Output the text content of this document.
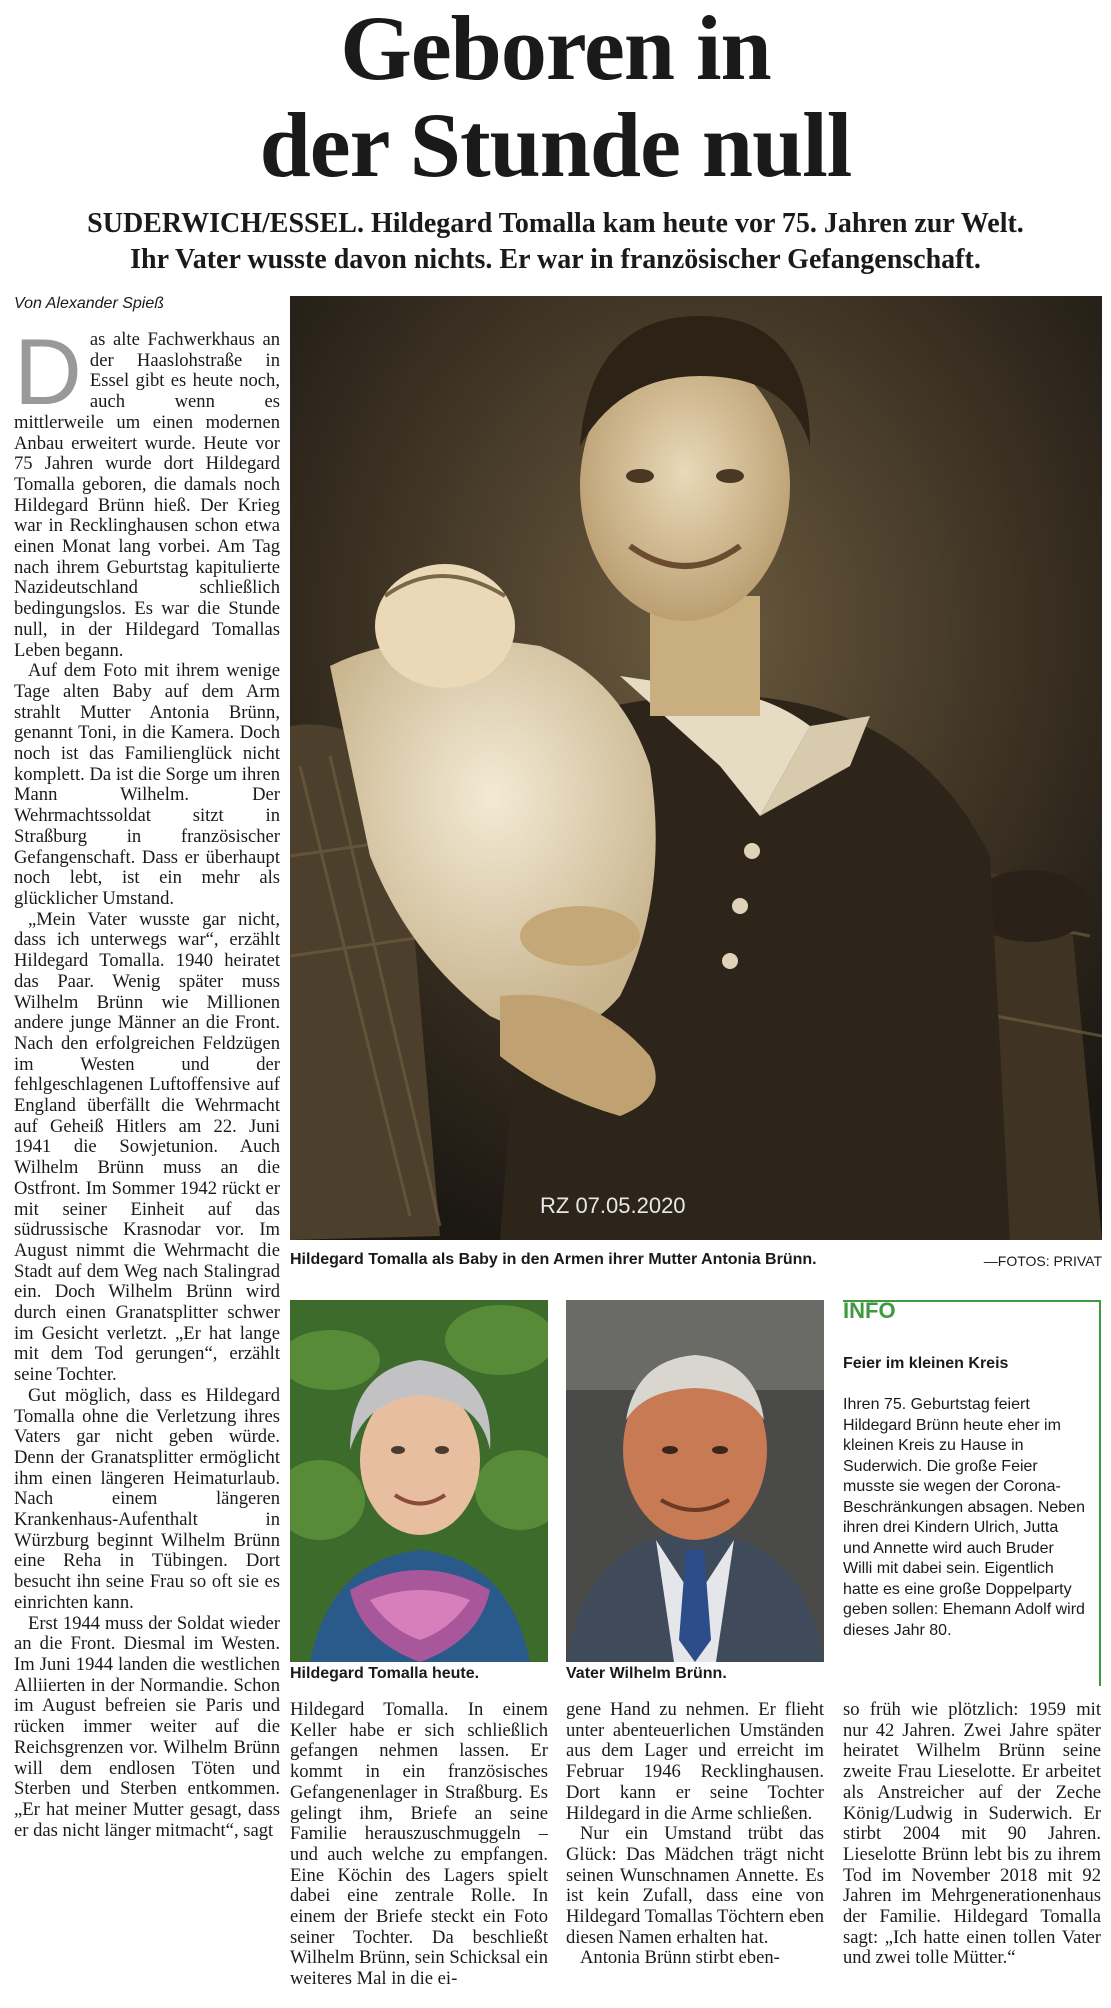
Geboren in
der Stunde null
SUDERWICH/ESSEL. Hildegard Tomalla kam heute vor 75. Jahren zur Welt.
Ihr Vater wusste davon nichts. Er war in französischer Gefangenschaft.
Von Alexander Spieß

Das alte Fachwerkhaus an der Haaslohstraße in Essel gibt es heute noch, auch wenn es mittlerweile um einen modernen Anbau erweitert wurde. Heute vor 75 Jahren wurde dort Hildegard Tomalla geboren, die damals noch Hildegard Brünn hieß. Der Krieg war in Recklinghausen schon etwa einen Monat lang vorbei. Am Tag nach ihrem Geburtstag kapitulierte Nazideutschland schließlich bedingungslos. Es war die Stunde null, in der Hildegard Tomallas Leben begann.

Auf dem Foto mit ihrem wenige Tage alten Baby auf dem Arm strahlt Mutter Antonia Brünn, genannt Toni, in die Kamera. Doch noch ist das Familienglück nicht komplett. Da ist die Sorge um ihren Mann Wilhelm. Der Wehrmachtssoldat sitzt in Straßburg in französischer Gefangenschaft. Dass er überhaupt noch lebt, ist ein mehr als glücklicher Umstand.

„Mein Vater wusste gar nicht, dass ich unterwegs war“, erzählt Hildegard Tomalla. 1940 heiratet das Paar. Wenig später muss Wilhelm Brünn wie Millionen andere junge Männer an die Front. Nach den erfolgreichen Feldzügen im Westen und der fehlgeschlagenen Luftoffensive auf England überfällt die Wehrmacht auf Geheiß Hitlers am 22. Juni 1941 die Sowjetunion. Auch Wilhelm Brünn muss an die Ostfront. Im Sommer 1942 rückt er mit seiner Einheit auf das südrussische Krasnodar vor. Im August nimmt die Wehrmacht die Stadt auf dem Weg nach Stalingrad ein. Doch Wilhelm Brünn wird durch einen Granatsplitter schwer im Gesicht verletzt. „Er hat lange mit dem Tod gerungen“, erzählt seine Tochter.

Gut möglich, dass es Hildegard Tomalla ohne die Verletzung ihres Vaters gar nicht geben würde. Denn der Granatsplitter ermöglicht ihm einen längeren Heimaturlaub. Nach einem längeren Krankenhaus-Aufenthalt in Würzburg beginnt Wilhelm Brünn eine Reha in Tübingen. Dort besucht ihn seine Frau so oft sie es einrichten kann.

Erst 1944 muss der Soldat wieder an die Front. Diesmal im Westen. Im Juni 1944 landen die westlichen Alliierten in der Normandie. Schon im August befreien sie Paris und rücken immer weiter auf die Reichsgrenzen vor. Wilhelm Brünn will dem endlosen Töten und Sterben und Sterben entkommen. „Er hat meiner Mutter gesagt, dass er das nicht länger mitmacht“, sagt

RZ 07.05.2020
Hildegard Tomalla als Baby in den Armen ihrer Mutter Antonia Brünn.	—FOTOS: PRIVAT
Hildegard Tomalla heute.	Vater Wilhelm Brünn.
INFO
Feier im kleinen Kreis
Ihren 75. Geburtstag feiert Hildegard Brünn heute eher im kleinen Kreis zu Hause in Suderwich. Die große Feier musste sie wegen der Corona-Beschränkungen absagen. Neben ihren drei Kindern Ulrich, Jutta und Annette wird auch Bruder Willi mit dabei sein. Eigentlich hatte es eine große Doppelparty geben sollen: Ehemann Adolf wird dieses Jahr 80.

Hildegard Tomalla. In einem Keller habe er sich schließlich gefangen nehmen lassen. Er kommt in ein französisches Gefangenenlager in Straßburg. Es gelingt ihm, Briefe an seine Familie herauszuschmuggeln – und auch welche zu empfangen. Eine Köchin des Lagers spielt dabei eine zentrale Rolle. In einem der Briefe steckt ein Foto seiner Tochter. Da beschließt Wilhelm Brünn, sein Schicksal ein weiteres Mal in die ei-

gene Hand zu nehmen. Er flieht unter abenteuerlichen Umständen aus dem Lager und erreicht im Februar 1946 Recklinghausen. Dort kann er seine Tochter Hildegard in die Arme schließen.

Nur ein Umstand trübt das Glück: Das Mädchen trägt nicht seinen Wunschnamen Annette. Es ist kein Zufall, dass eine von Hildegard Tomallas Töchtern eben diesen Namen erhalten hat.

Antonia Brünn stirbt eben-

so früh wie plötzlich: 1959 mit nur 42 Jahren. Zwei Jahre später heiratet Wilhelm Brünn seine zweite Frau Lieselotte. Er arbeitet als Anstreicher auf der Zeche König/Ludwig in Suderwich. Er stirbt 2004 mit 90 Jahren. Lieselotte Brünn lebt bis zu ihrem Tod im November 2018 mit 92 Jahren im Mehrgenerationenhaus der Familie. Hildegard Tomalla sagt: „Ich hatte einen tollen Vater und zwei tolle Mütter.“
